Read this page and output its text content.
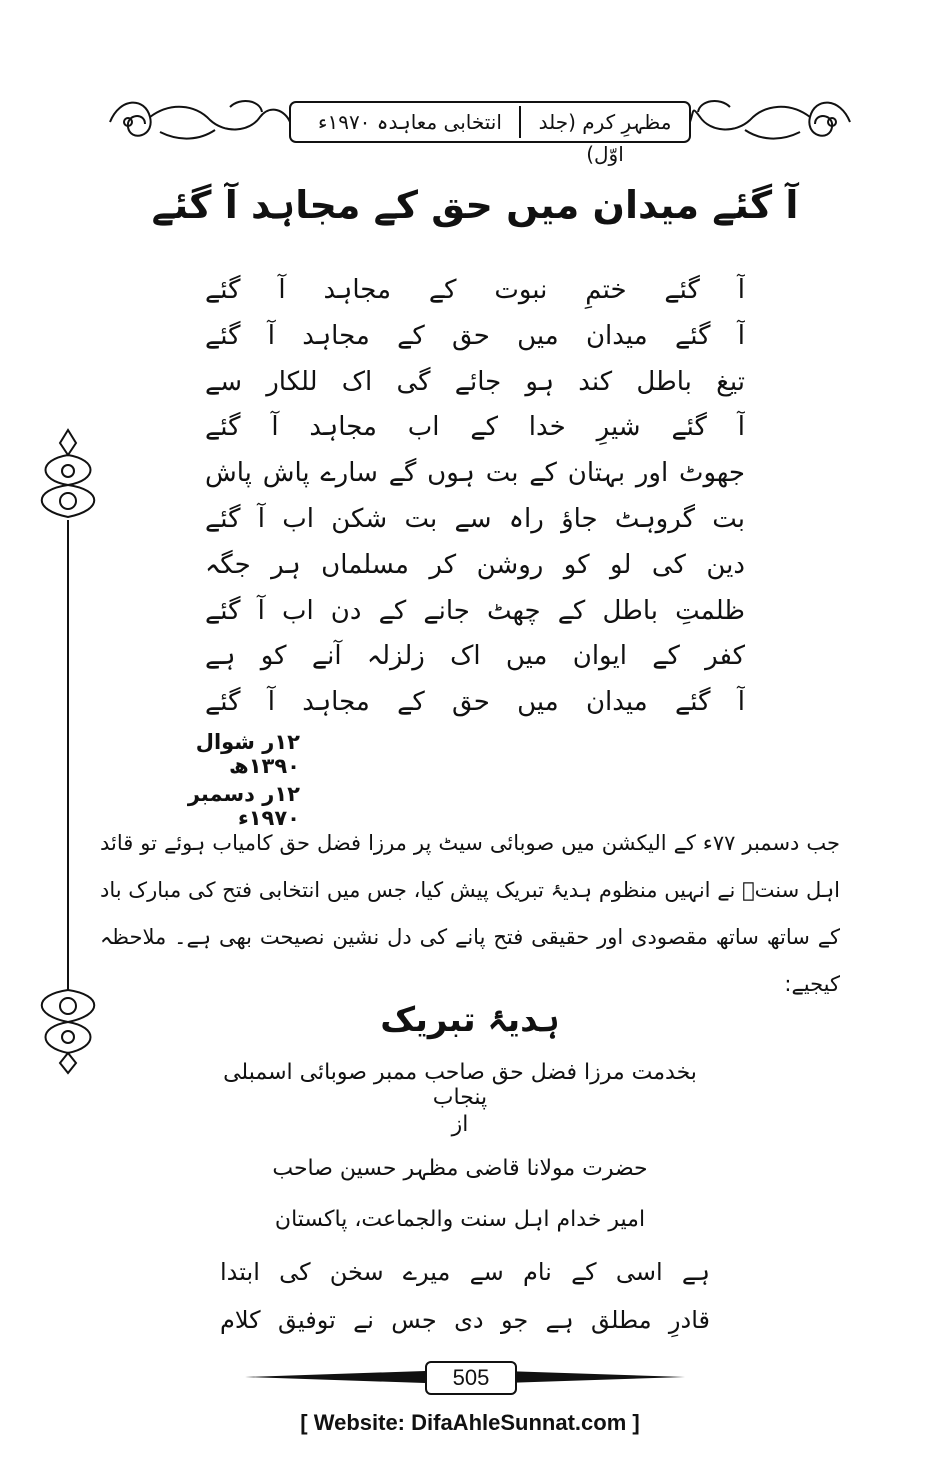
مظہرِ کرم (جلد اوّل)
انتخابی معاہدہ ۱۹۷۰ء
آ گئے میدان میں حق کے مجاہد آ گئے
آ گئے ختمِ نبوت کے مجاہد آ گئے
آ گئے میدان میں حق کے مجاہد آ گئے
تیغ باطل کند ہو جائے گی اک للکار سے
آ گئے شیرِ خدا کے اب مجاہد آ گئے
جھوٹ اور بہتان کے بت ہوں گے سارے پاش پاش
بت گروہٹ جاؤ راہ سے بت شکن اب آ گئے
دین کی لو کو روشن کر مسلماں ہر جگہ
ظلمتِ باطل کے چھٹ جانے کے دن اب آ گئے
کفر کے ایوان میں اک زلزلہ آنے کو ہے
آ گئے میدان میں حق کے مجاہد آ گئے
۱۲ر شوال ۱۳۹۰ھ
۱۲ر دسمبر ۱۹۷۰ء
جب دسمبر ۷۷ء کے الیکشن میں صوبائی سیٹ پر مرزا فضل حق کامیاب ہوئے تو قائد اہل سنتؒ نے انہیں منظوم ہدیۂ تبریک پیش کیا، جس میں انتخابی فتح کی مبارک باد کے ساتھ ساتھ مقصودی اور حقیقی فتح پانے کی دل نشین نصیحت بھی ہے۔ ملاحظہ کیجیے:
ہدیۂ تبریک
بخدمت مرزا فضل حق صاحب ممبر صوبائی اسمبلی پنجاب
از
حضرت مولانا قاضی مظہر حسین صاحب
امیر خدام اہل سنت والجماعت، پاکستان
ہے اسی کے نام سے میرے سخن کی ابتدا
قادرِ مطلق ہے جو دی جس نے توفیق کلام
505
[ Website: DifaAhleSunnat.com ]
